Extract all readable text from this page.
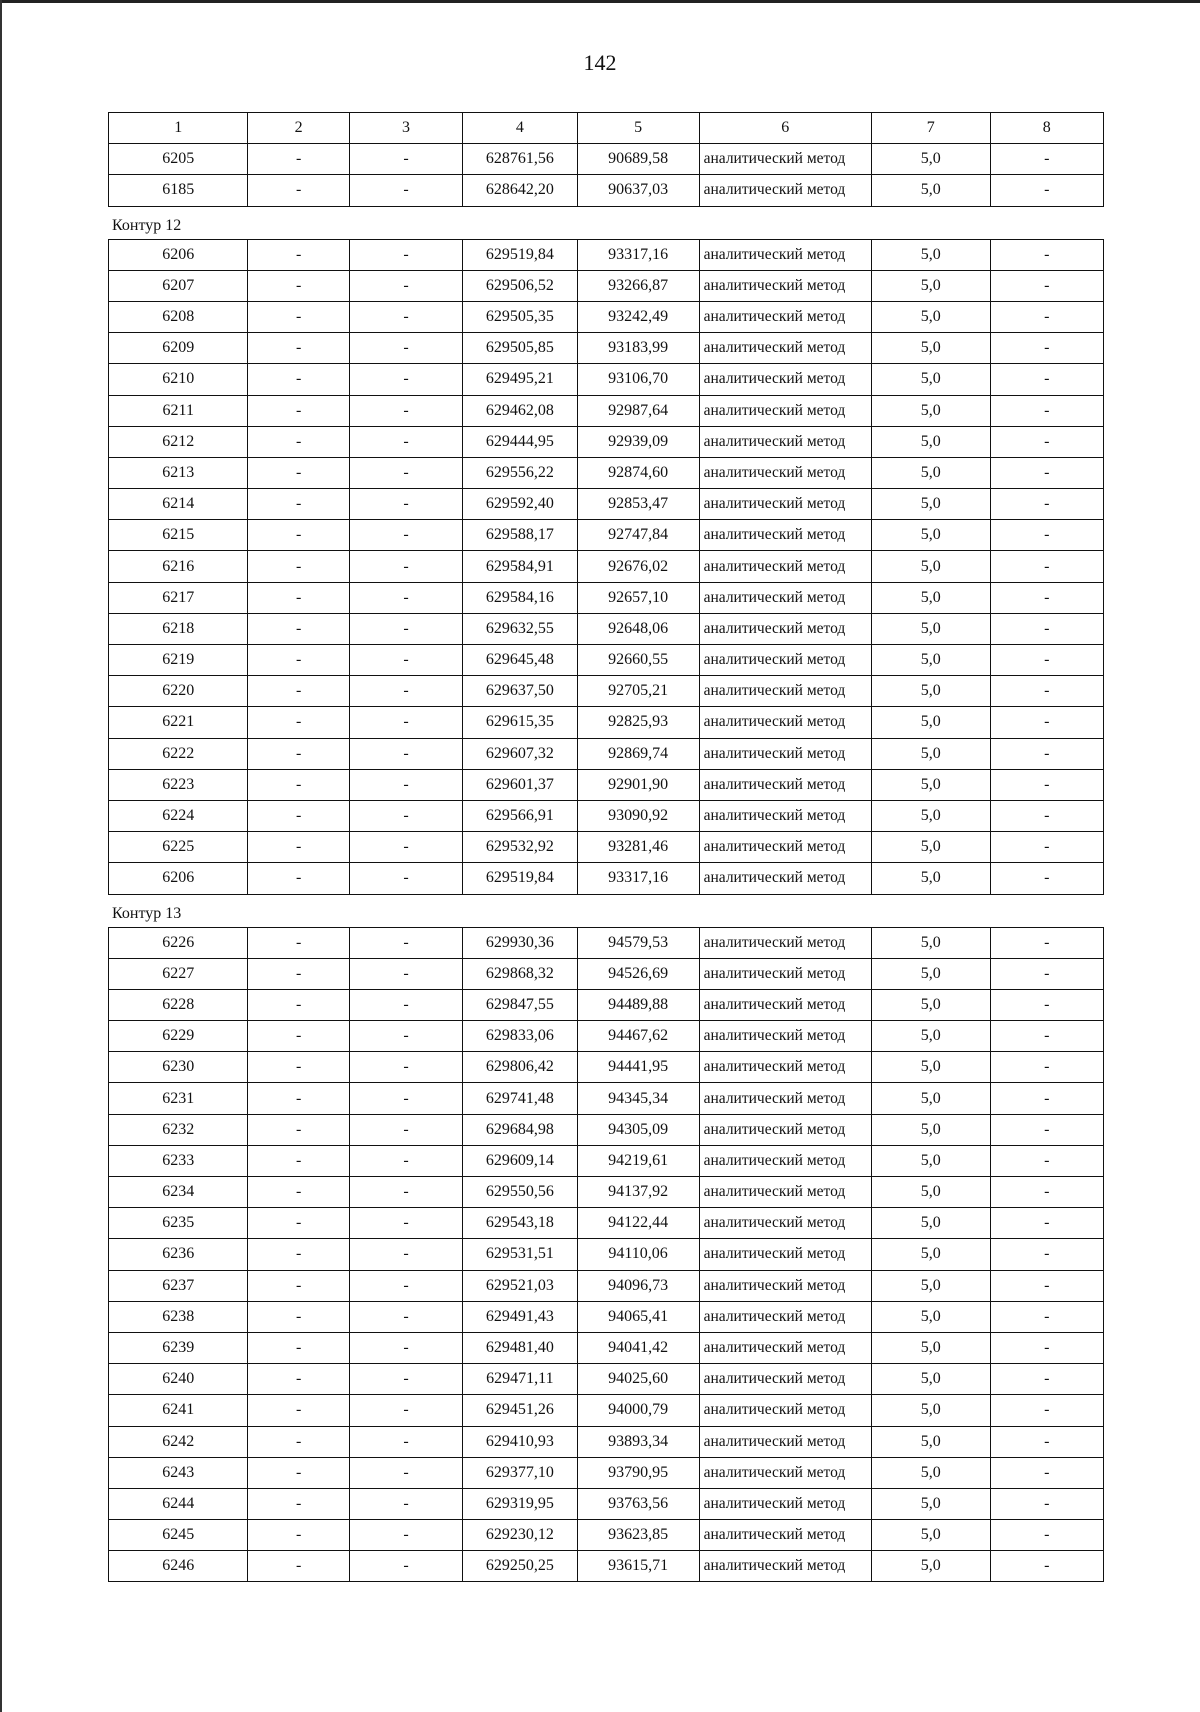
142
1	2	3	4	5	6	7	8
6205	-	-	628761,56	90689,58	аналитический метод	5,0	-
6185	-	-	628642,20	90637,03	аналитический метод	5,0	-
Контур 12
6206	-	-	629519,84	93317,16	аналитический метод	5,0	-
6207	-	-	629506,52	93266,87	аналитический метод	5,0	-
6208	-	-	629505,35	93242,49	аналитический метод	5,0	-
6209	-	-	629505,85	93183,99	аналитический метод	5,0	-
6210	-	-	629495,21	93106,70	аналитический метод	5,0	-
6211	-	-	629462,08	92987,64	аналитический метод	5,0	-
6212	-	-	629444,95	92939,09	аналитический метод	5,0	-
6213	-	-	629556,22	92874,60	аналитический метод	5,0	-
6214	-	-	629592,40	92853,47	аналитический метод	5,0	-
6215	-	-	629588,17	92747,84	аналитический метод	5,0	-
6216	-	-	629584,91	92676,02	аналитический метод	5,0	-
6217	-	-	629584,16	92657,10	аналитический метод	5,0	-
6218	-	-	629632,55	92648,06	аналитический метод	5,0	-
6219	-	-	629645,48	92660,55	аналитический метод	5,0	-
6220	-	-	629637,50	92705,21	аналитический метод	5,0	-
6221	-	-	629615,35	92825,93	аналитический метод	5,0	-
6222	-	-	629607,32	92869,74	аналитический метод	5,0	-
6223	-	-	629601,37	92901,90	аналитический метод	5,0	-
6224	-	-	629566,91	93090,92	аналитический метод	5,0	-
6225	-	-	629532,92	93281,46	аналитический метод	5,0	-
6206	-	-	629519,84	93317,16	аналитический метод	5,0	-
Контур 13
6226	-	-	629930,36	94579,53	аналитический метод	5,0	-
6227	-	-	629868,32	94526,69	аналитический метод	5,0	-
6228	-	-	629847,55	94489,88	аналитический метод	5,0	-
6229	-	-	629833,06	94467,62	аналитический метод	5,0	-
6230	-	-	629806,42	94441,95	аналитический метод	5,0	-
6231	-	-	629741,48	94345,34	аналитический метод	5,0	-
6232	-	-	629684,98	94305,09	аналитический метод	5,0	-
6233	-	-	629609,14	94219,61	аналитический метод	5,0	-
6234	-	-	629550,56	94137,92	аналитический метод	5,0	-
6235	-	-	629543,18	94122,44	аналитический метод	5,0	-
6236	-	-	629531,51	94110,06	аналитический метод	5,0	-
6237	-	-	629521,03	94096,73	аналитический метод	5,0	-
6238	-	-	629491,43	94065,41	аналитический метод	5,0	-
6239	-	-	629481,40	94041,42	аналитический метод	5,0	-
6240	-	-	629471,11	94025,60	аналитический метод	5,0	-
6241	-	-	629451,26	94000,79	аналитический метод	5,0	-
6242	-	-	629410,93	93893,34	аналитический метод	5,0	-
6243	-	-	629377,10	93790,95	аналитический метод	5,0	-
6244	-	-	629319,95	93763,56	аналитический метод	5,0	-
6245	-	-	629230,12	93623,85	аналитический метод	5,0	-
6246	-	-	629250,25	93615,71	аналитический метод	5,0	-
